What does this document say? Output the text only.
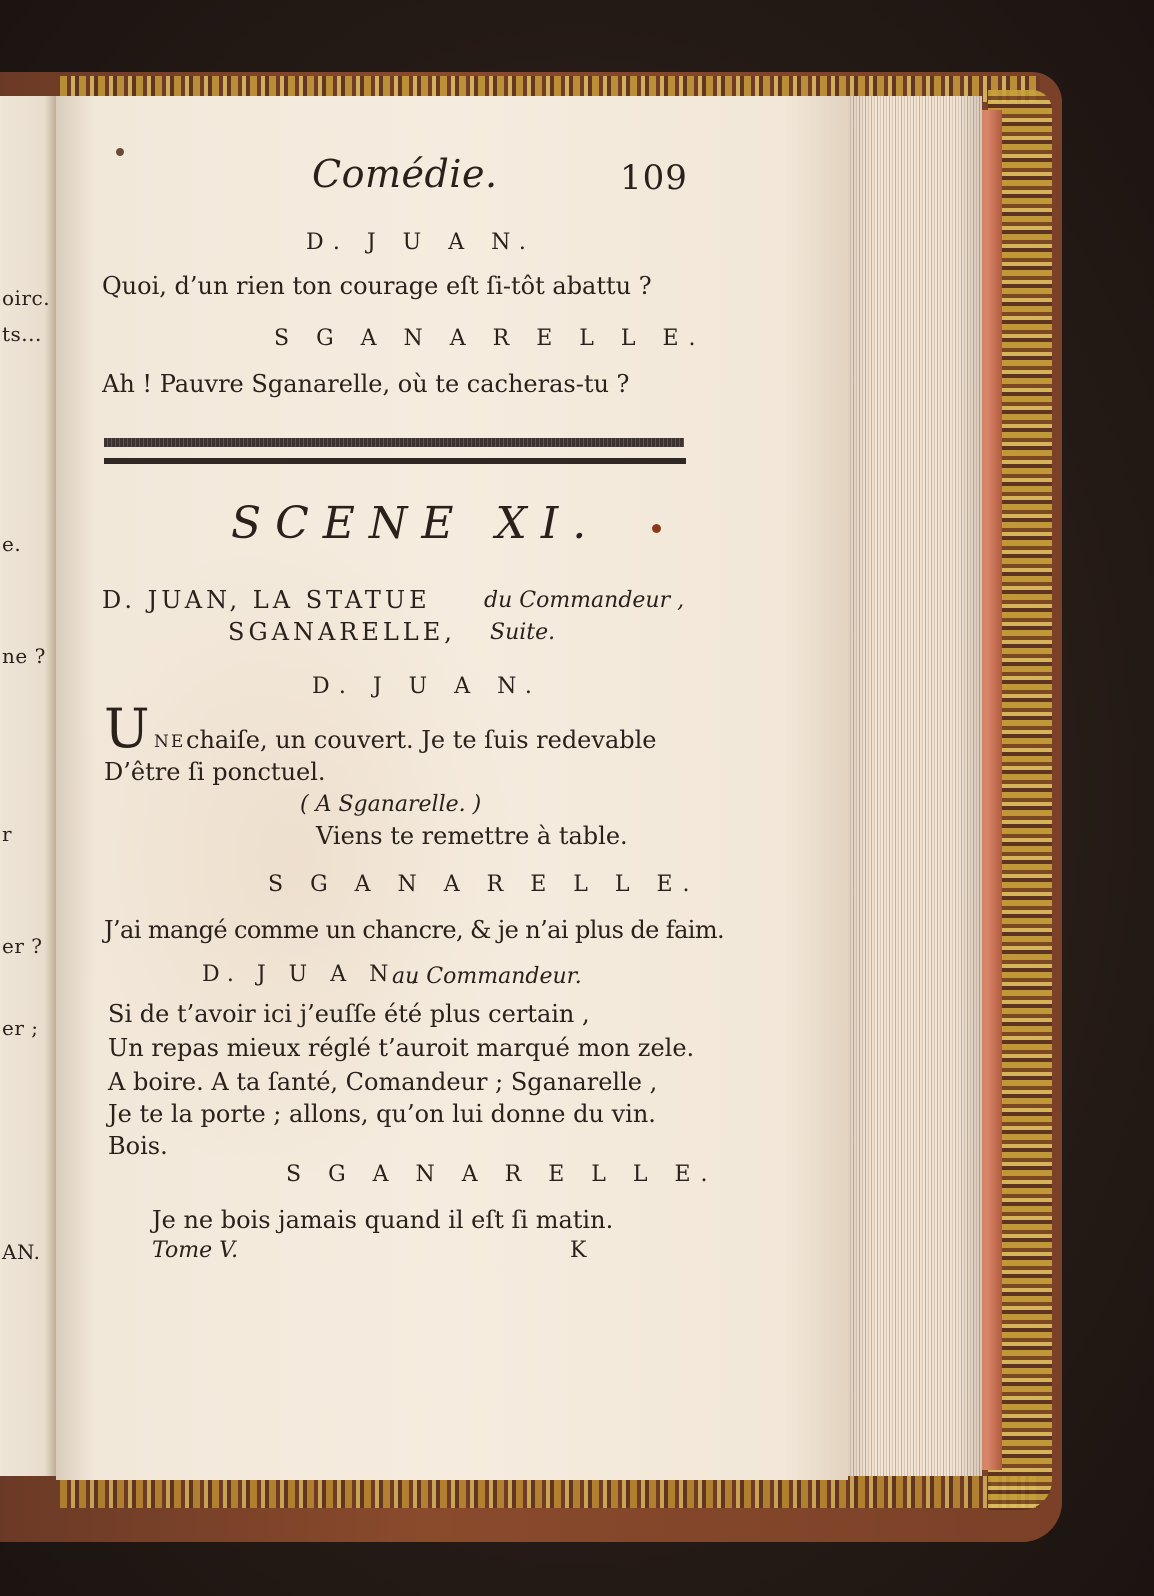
oirc.
ts...
e.
ne ?
r
er ?
er ;
AN.
Comédie.	109
D. J U A N.
Quoi, d’un rien ton courage eſt ſi-tôt abattu ?
S G A N A R E L L E.
Ah ! Pauvre Sganarelle, où te cacheras-tu ?
SCENE XI.
D. JUAN, LA STATUE du Commandeur ,
SGANARELLE, Suite.
D. J U A N.
U NE chaiſe, un couvert. Je te ſuis redevable
D’être ſi ponctuel.
( A Sganarelle. )
Viens te remettre à table.
S G A N A R E L L E.
J’ai mangé comme un chancre, & je n’ai plus de faim.
D. J U A N ,
au Commandeur.
Si de t’avoir ici j’euſſe été plus certain ,
Un repas mieux réglé t’auroit marqué mon zele.
A boire. A ta ſanté, Comandeur ; Sganarelle ,
Je te la porte ; allons, qu’on lui donne du vin.
Bois.
S G A N A R E L L E.
Je ne bois jamais quand il eſt ſi matin.
Tome V.	K
